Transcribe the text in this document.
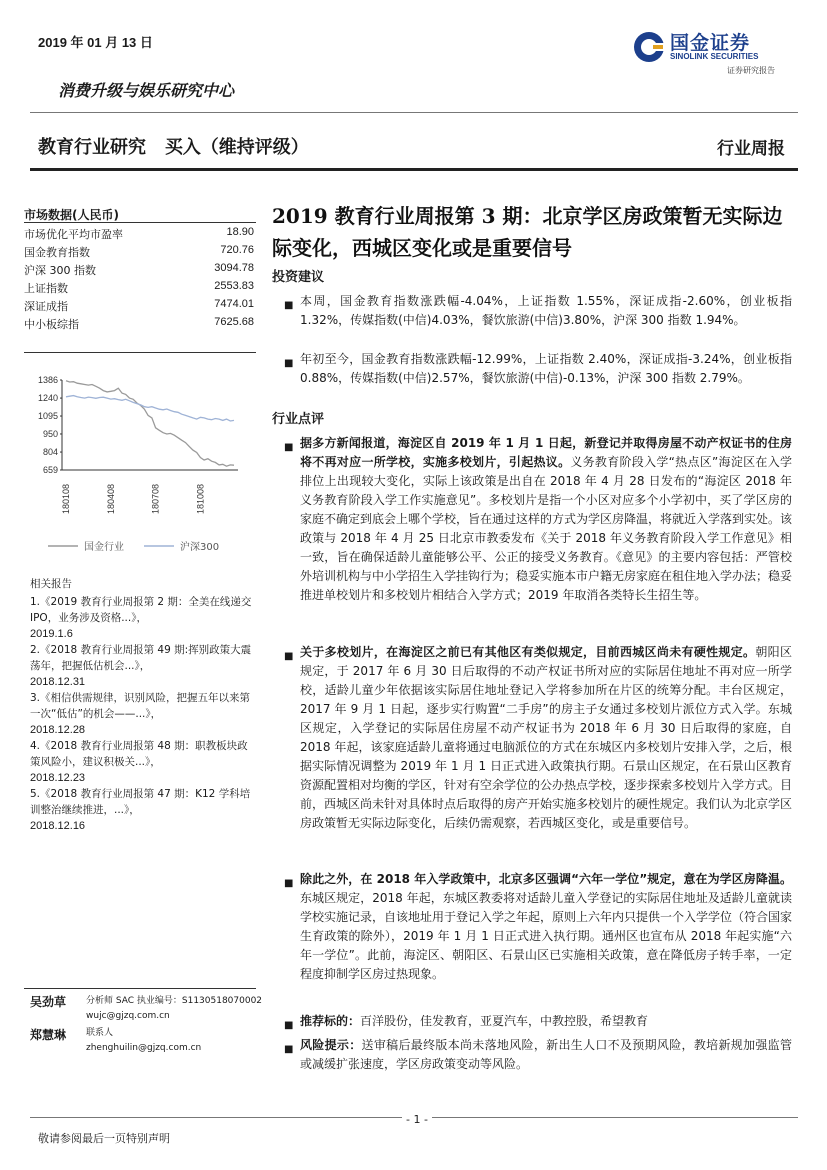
2019 年 01 月 13 日	国金证券
SINOLINK SECURITIES
证券研究报告
消费升级与娱乐研究中心
教育行业研究 买入（维持评级）	行业周报
市场数据(人民币)
市场优化平均市盈率	18.90
国金教育指数	720.76
沪深 300 指数	3094.78
上证指数	2553.83
深证成指	7474.01
中小板综指	7625.68
1386
1240
1095
950
804
659
180108	180408	180708	181008
国金行业	沪深300
相关报告
1.《2019 教育行业周报第 2 期：全美在线递交 IPO，业务涉及资格...》，
2019.1.6
2.《2018 教育行业周报第 49 期:挥别政策大震荡年，把握低估机会...》，
2018.12.31
3.《相信供需规律，识别风险，把握五年以来第一次“低估”的机会——...》，
2018.12.28
4.《2018 教育行业周报第 48 期：职教板块政策风险小，建议积极关...》，
2018.12.23
5.《2018 教育行业周报第 47 期：K12 学科培训整治继续推进，...》，
2018.12.16
吴劲草 分析师 SAC 执业编号：S1130518070002
wujc@gjzq.com.cn
郑慧琳 联系人
zhenghuilin@gjzq.com.cn
2019 教育行业周报第 3 期：北京学区房政策暂无实际边际变化，西城区变化或是重要信号
投资建议
■ 本周，国金教育指数涨跌幅-4.04%，上证指数 1.55%，深证成指-2.60%，创业板指 1.32%，传媒指数(中信)4.03%，餐饮旅游(中信)3.80%，沪深 300 指数 1.94%。
■ 年初至今，国金教育指数涨跌幅-12.99%，上证指数 2.40%，深证成指-3.24%，创业板指 0.88%，传媒指数(中信)2.57%，餐饮旅游(中信)-0.13%，沪深 300 指数 2.79%。
行业点评
■ 据多方新闻报道，海淀区自 2019 年 1 月 1 日起，新登记并取得房屋不动产权证书的住房将不再对应一所学校，实施多校划片，引起热议。义务教育阶段入学“热点区”海淀区在入学排位上出现较大变化，实际上该政策是出自在 2018 年 4 月 28 日发布的“海淀区 2018 年义务教育阶段入学工作实施意见”。多校划片是指一个小区对应多个小学初中，买了学区房的家庭不确定到底会上哪个学校，旨在通过这样的方式为学区房降温，将就近入学落到实处。该政策与 2018 年 4 月 25 日北京市教委发布《关于 2018 年义务教育阶段入学工作意见》相一致，旨在确保适龄儿童能够公平、公正的接受义务教育。《意见》的主要内容包括：严管校外培训机构与中小学招生入学挂钩行为；稳妥实施本市户籍无房家庭在租住地入学办法；稳妥推进单校划片和多校划片相结合入学方式；2019 年取消各类特长生招生等。
■ 关于多校划片，在海淀区之前已有其他区有类似规定，目前西城区尚未有硬性规定。朝阳区规定，于 2017 年 6 月 30 日后取得的不动产权证书所对应的实际居住地址不再对应一所学校，适龄儿童少年依据该实际居住地址登记入学将参加所在片区的统筹分配。丰台区规定，2017 年 9 月 1 日起，逐步实行购置“二手房”的房主子女通过多校划片派位方式入学。东城区规定，入学登记的实际居住房屋不动产权证书为 2018 年 6 月 30 日后取得的家庭，自 2018 年起，该家庭适龄儿童将通过电脑派位的方式在东城区内多校划片安排入学，之后，根据实际情况调整为 2019 年 1 月 1 日正式进入政策执行期。石景山区规定，在石景山区教育资源配置相对均衡的学区，针对有空余学位的公办热点学校，逐步探索多校划片入学方式。目前，西城区尚未针对具体时点后取得的房产开始实施多校划片的硬性规定。我们认为北京学区房政策暂无实际边际变化，后续仍需观察，若西城区变化，或是重要信号。
■ 除此之外，在 2018 年入学政策中，北京多区强调“六年一学位”规定，意在为学区房降温。东城区规定，2018 年起，东城区教委将对适龄儿童入学登记的实际居住地址及适龄儿童就读学校实施记录，自该地址用于登记入学之年起，原则上六年内只提供一个入学学位（符合国家生育政策的除外），2019 年 1 月 1 日正式进入执行期。通州区也宣布从 2018 年起实施“六年一学位”。此前，海淀区、朝阳区、石景山区已实施相关政策，意在降低房子转手率，一定程度抑制学区房过热现象。
■ 推荐标的：百洋股份，佳发教育，亚夏汽车，中教控股，希望教育
■ 风险提示：送审稿后最终版本尚未落地风险，新出生人口不及预期风险，教培新规加强监管或减缓扩张速度，学区房政策变动等风险。
- 1 -
敬请参阅最后一页特别声明
